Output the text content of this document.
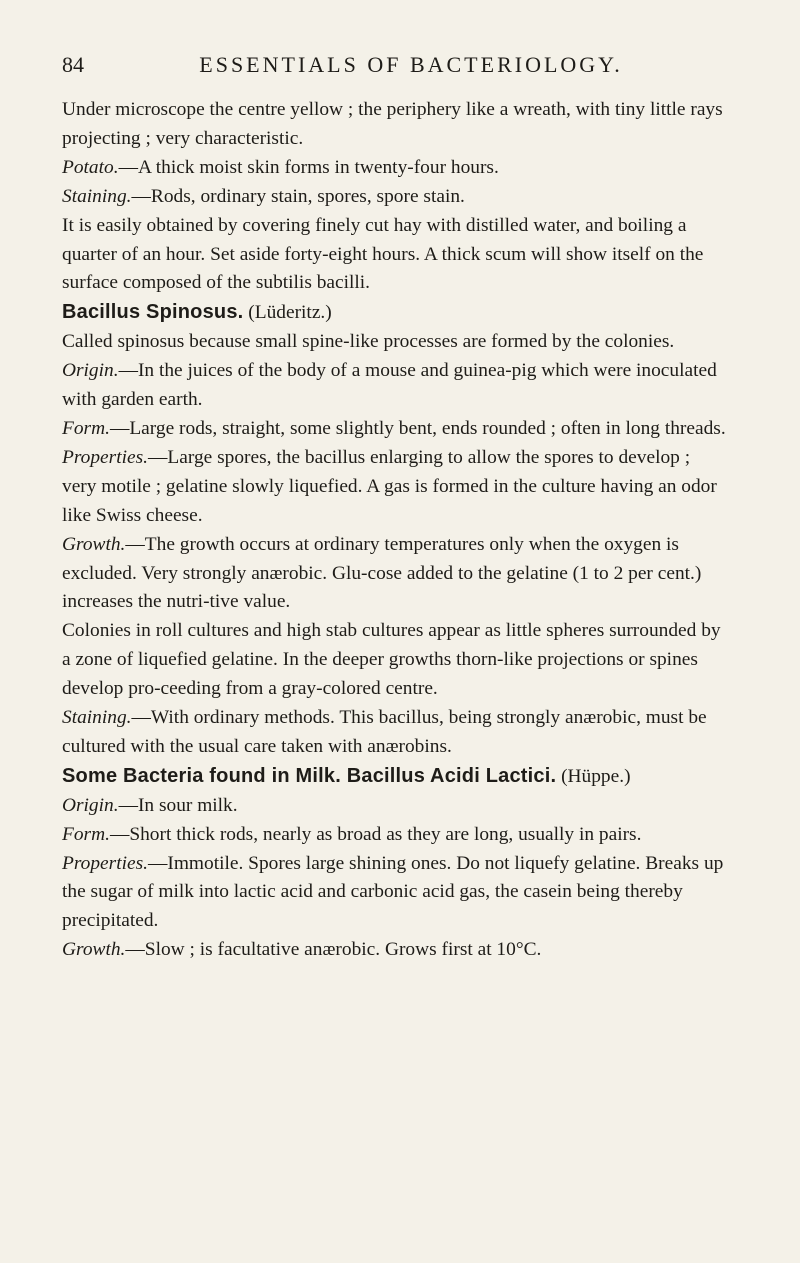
84	ESSENTIALS OF BACTERIOLOGY.

Under microscope the centre yellow ; the periphery like a wreath, with tiny little rays projecting ; very characteristic.

Potato.—A thick moist skin forms in twenty-four hours.

Staining.—Rods, ordinary stain, spores, spore stain.

It is easily obtained by covering finely cut hay with distilled water, and boiling a quarter of an hour. Set aside forty-eight hours. A thick scum will show itself on the surface composed of the subtilis bacilli.

Bacillus Spinosus. (Lüderitz.)

Called spinosus because small spine-like processes are formed by the colonies.

Origin.—In the juices of the body of a mouse and guinea-pig which were inoculated with garden earth.

Form.—Large rods, straight, some slightly bent, ends rounded ; often in long threads.

Properties.—Large spores, the bacillus enlarging to allow the spores to develop ; very motile ; gelatine slowly liquefied. A gas is formed in the culture having an odor like Swiss cheese.

Growth.—The growth occurs at ordinary temperatures only when the oxygen is excluded. Very strongly anærobic. Glu-cose added to the gelatine (1 to 2 per cent.) increases the nutri-tive value.

Colonies in roll cultures and high stab cultures appear as little spheres surrounded by a zone of liquefied gelatine. In the deeper growths thorn-like projections or spines develop pro-ceeding from a gray-colored centre.

Staining.—With ordinary methods. This bacillus, being strongly anærobic, must be cultured with the usual care taken with anærobins.

Some Bacteria found in Milk. Bacillus Acidi Lactici. (Hüppe.)

Origin.—In sour milk.

Form.—Short thick rods, nearly as broad as they are long, usually in pairs.

Properties.—Immotile. Spores large shining ones. Do not liquefy gelatine. Breaks up the sugar of milk into lactic acid and carbonic acid gas, the casein being thereby precipitated.

Growth.—Slow ; is facultative anærobic. Grows first at 10°C.
